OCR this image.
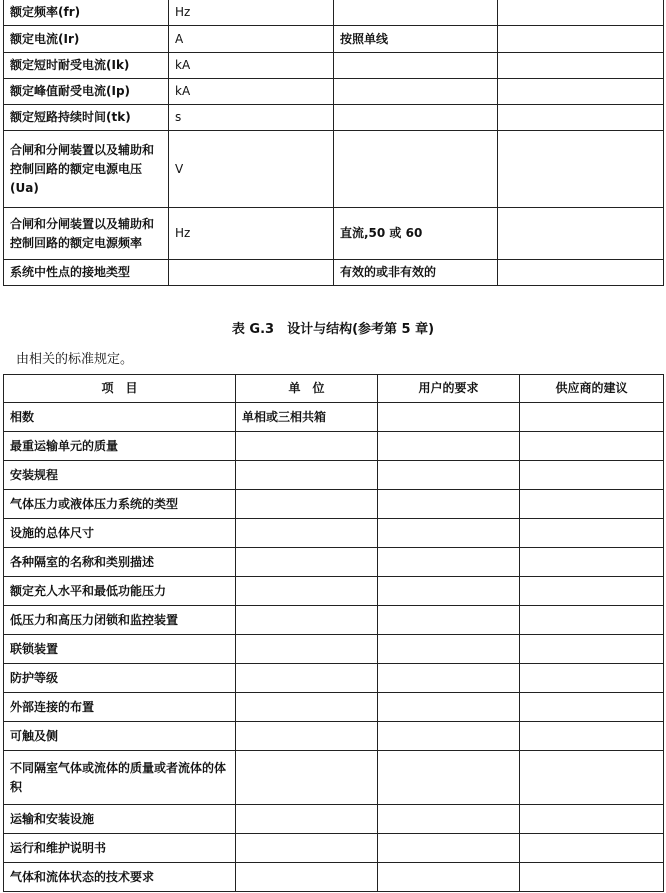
额定频率(fr)	Hz		
额定电流(Ir)	A	按照单线	
额定短时耐受电流(Ik)	kA		
额定峰值耐受电流(Ip)	kA		
额定短路持续时间(tk)	s		
合闸和分闸装置以及辅助和控制回路的额定电源电压(Ua)	V		
合闸和分闸装置以及辅助和控制回路的额定电源频率	Hz	直流,50 或 60	
系统中性点的接地类型		有效的或非有效的	
表 G.3　设计与结构(参考第 5 章)
由相关的标准规定。
项　目	单　位	用户的要求	供应商的建议
相数	单相或三相共箱		
最重运输单元的质量			
安装规程			
气体压力或液体压力系统的类型			
设施的总体尺寸			
各种隔室的名称和类别描述			
额定充人水平和最低功能压力			
低压力和高压力闭锁和监控装置			
联锁装置			
防护等级			
外部连接的布置			
可触及侧			
不同隔室气体或流体的质量或者流体的体积			
运输和安装设施			
运行和维护说明书			
气体和流体状态的技术要求			
